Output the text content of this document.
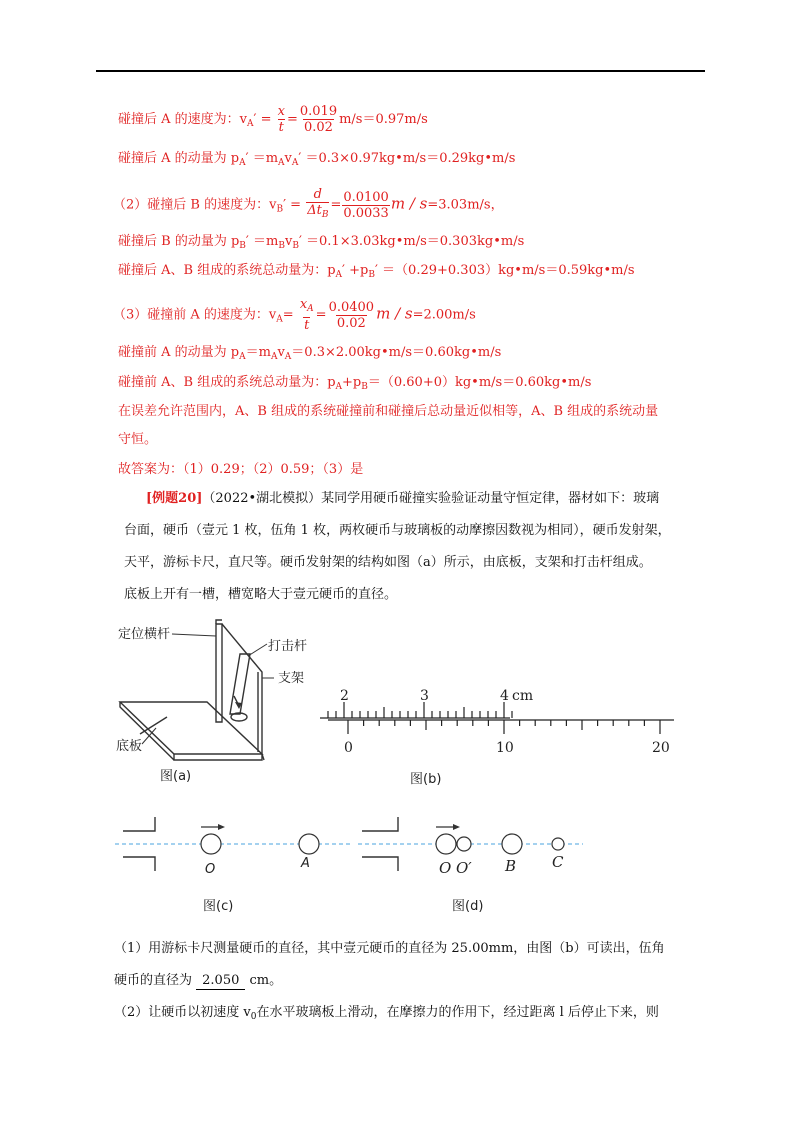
碰撞后 A 的速度为：$v_A' = \frac{x}{t} = \frac{0.019}{0.02} m/s=0.97m/s$
碰撞后 A 的动量为 $p_A' =m_Av_A'$ ＝0.3×0.97kg•m/s＝0.29kg•m/s
（2）碰撞后 B 的速度为：$v_B' = \frac{d}{\Delta t_B} = \frac{0.0100}{0.0033}$ m / s=3.03m/s，
碰撞后 B 的动量为 $p_B' =m_Bv_B'$ ＝0.1×3.03kg•m/s＝0.303kg•m/s
碰撞后 A、B 组成的系统总动量为：$p_A' +p_B'$ ＝（0.29+0.303）kg•m/s＝0.59kg•m/s
（3）碰撞前 A 的速度为：$v_A= \frac{x_A}{t} = \frac{0.0400}{0.02}$ m / s=2.00m/s
碰撞前 A 的动量为 $p_A=m_Av_A=0.3\times 2.00kg•m/s=0.60kg•m/s$
碰撞前 A、B 组成的系统总动量为：$p_A+p_B=(0.60+0)kg•m/s=0.60kg•m/s$
在误差允许范围内，A、B 组成的系统碰撞前和碰撞后总动量近似相等，A、B 组成的系统动量
守恒。
故答案为：（1）0.29；（2）0.59；（3）是
[例题20]（2022•湖北模拟）某同学用硬币碰撞实验验证动量守恒定律，器材如下：玻璃
台面，硬币（壹元 1 枚，伍角 1 枚，两枚硬币与玻璃板的动摩擦因数视为相同），硬币发射架，
天平，游标卡尺，直尺等。硬币发射架的结构如图（a）所示，由底板，支架和打击杆组成。
底板上开有一槽，槽宽略大于壹元硬币的直径。
定位横杆
打击杆
支架
底板
图(a)
2	3	4 cm
0	10	20
图(b)
O	A
图(c)
O O′ B C
图(d)
（1）用游标卡尺测量硬币的直径，其中壹元硬币的直径为 25.00mm，由图（b）可读出，伍角
硬币的直径为 2.050 cm。
（2）让硬币以初速度 $v_0$在水平玻璃板上滑动，在摩擦力的作用下，经过距离 l 后停止下来，则
